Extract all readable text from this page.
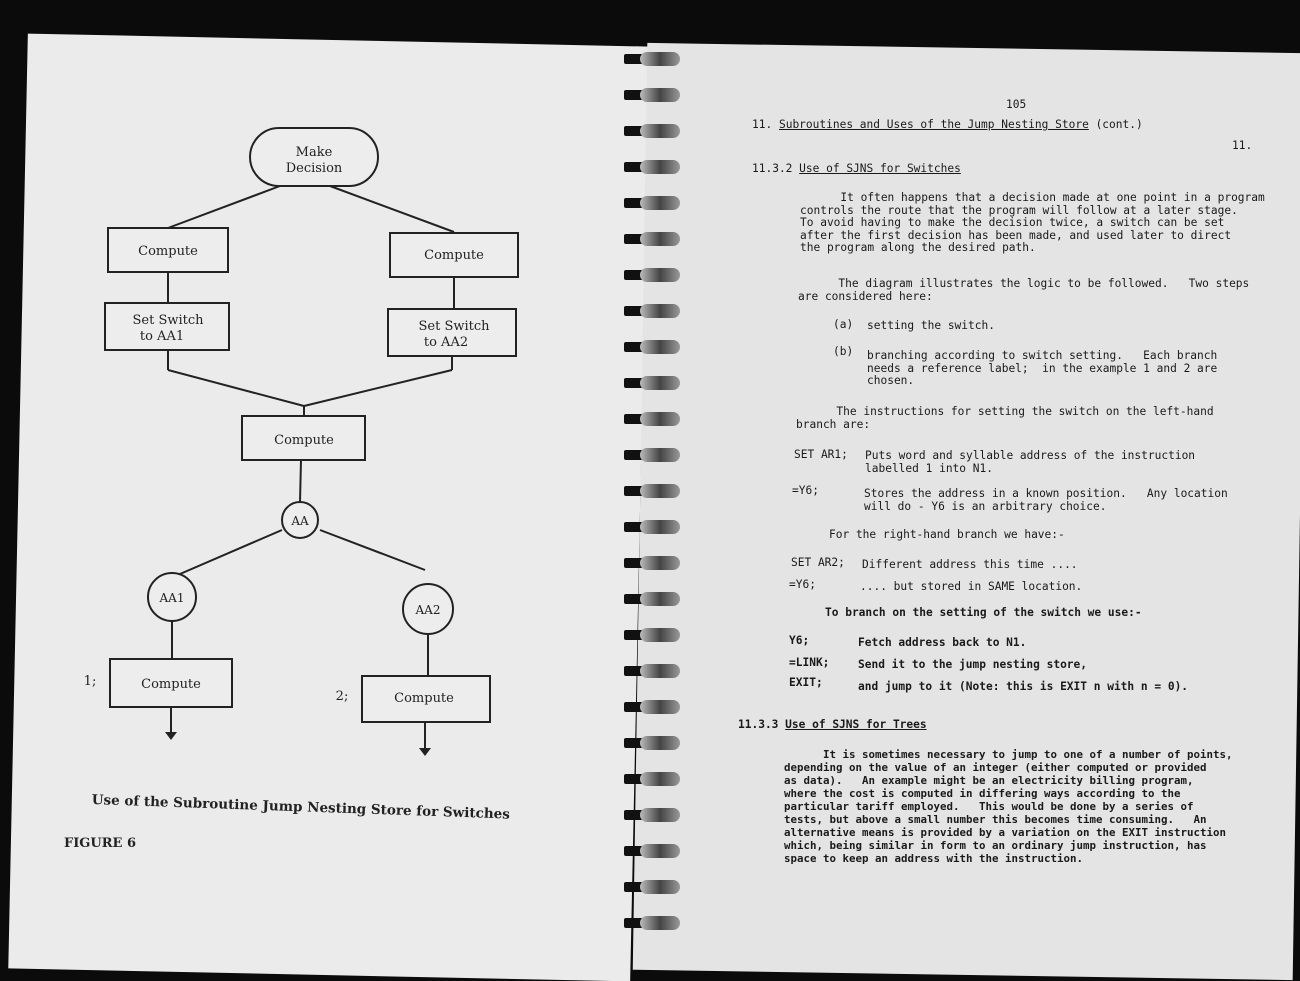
Make
Decision
Compute	Compute
Set Switch
to AA1
Set Switch
to AA2
Compute
AA
AA1
AA2
1;
2;
Compute
Compute
Use of the Subroutine Jump Nesting Store for Switches
FIGURE 6
105
11. Subroutines and Uses of the Jump Nesting Store (cont.)
11.
11.3.2 Use of SJNS for Switches
It often happens that a decision made at one point in a program
controls the route that the program will follow at a later stage.
To avoid having to make the decision twice, a switch can be set
after the first decision has been made, and used later to direct
the program along the desired path.
The diagram illustrates the logic to be followed.   Two steps
are considered here:
(a) setting the switch.
(b) branching according to switch setting.   Each branch
needs a reference label;  in the example 1 and 2 are
chosen.
The instructions for setting the switch on the left-hand
branch are:
SET AR1; Puts word and syllable address of the instruction
labelled 1 into N1.
=Y6;	Stores the address in a known position.   Any location
will do - Y6 is an arbitrary choice.
For the right-hand branch we have:-
SET AR2; Different address this time ....
=Y6;	.... but stored in SAME location.
To branch on the setting of the switch we use:-
Y6;	Fetch address back to N1.
=LINK;	Send it to the jump nesting store,
EXIT;	and jump to it (Note: this is EXIT n with n = 0).
11.3.3 Use of SJNS for Trees
It is sometimes necessary to jump to one of a number of points,
depending on the value of an integer (either computed or provided
as data).   An example might be an electricity billing program,
where the cost is computed in differing ways according to the
particular tariff employed.   This would be done by a series of
tests, but above a small number this becomes time consuming.   An
alternative means is provided by a variation on the EXIT instruction
which, being similar in form to an ordinary jump instruction, has
space to keep an address with the instruction.
